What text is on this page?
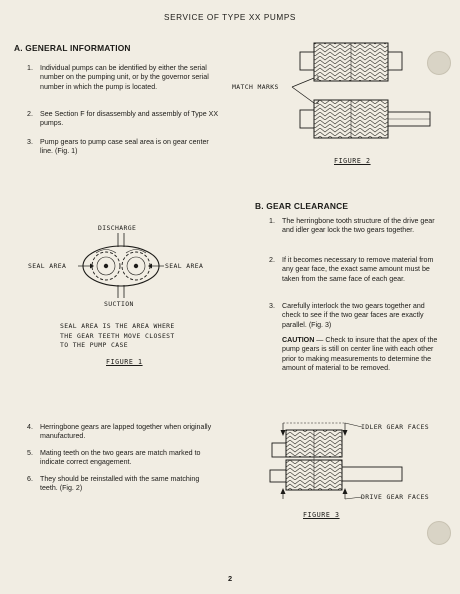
SERVICE OF TYPE XX PUMPS
A. GENERAL INFORMATION
1. Individual pumps can be identified by either the serial number on the pumping unit, or by the governor serial number in which the pump is located.
2. See Section F for disassembly and assembly of Type XX pumps.
3. Pump gears to pump case seal area is on gear center line. (Fig. 1)
DISCHARGE
SEAL AREA	SEAL AREA
SUCTION
SEAL AREA IS THE AREA WHERE
THE GEAR TEETH MOVE CLOSEST
TO THE PUMP CASE
FIGURE 1
4. Herringbone gears are lapped together when originally manufactured.
5. Mating teeth on the two gears are match marked to indicate correct engagement.
6. They should be reinstalled with the same matching teeth. (Fig. 2)
1
2
MATCH MARKS
FIGURE 2
B. GEAR CLEARANCE
1. The herringbone tooth structure of the drive gear and idler gear lock the two gears together.
2. If it becomes necessary to remove material from any gear face, the exact same amount must be taken from the same face of each gear.
3. Carefully interlock the two gears together and check to see if the two gear faces are exactly parallel. (Fig. 3)
CAUTION — Check to insure that the apex of the pump gears is still on center line with each other prior to making measurements to determine the amount of material to be removed.
IDLER GEAR FACES
DRIVE GEAR FACES
FIGURE 3
2
